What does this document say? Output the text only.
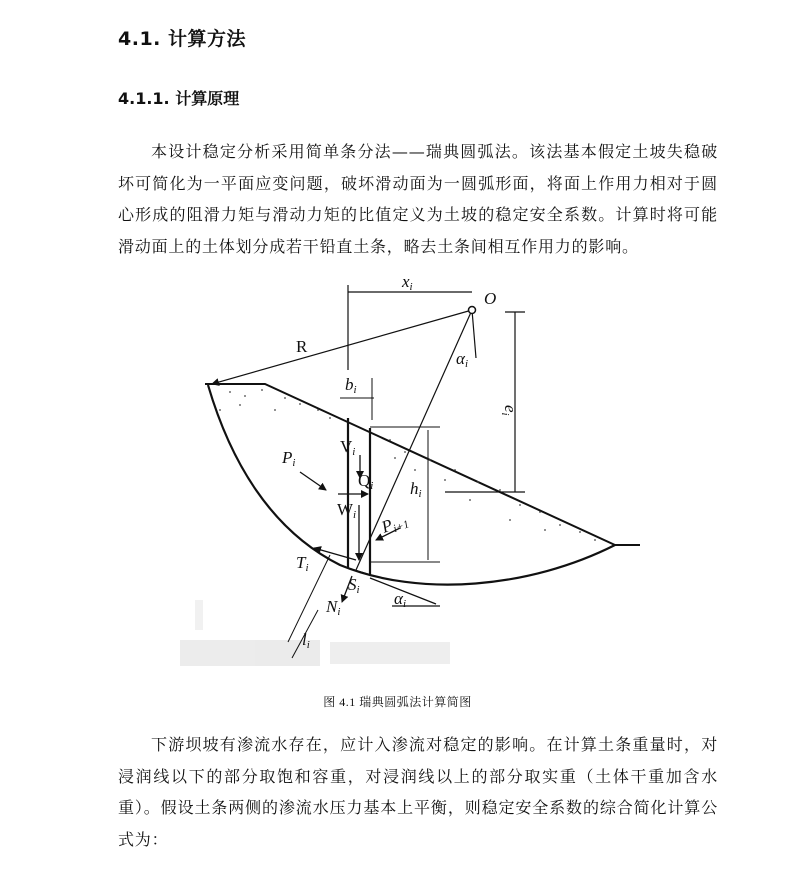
4.1. 计算方法
4.1.1. 计算原理

本设计稳定分析采用简单条分法——瑞典圆弧法。该法基本假定土坡失稳破坏可简化为一平面应变问题，破坏滑动面为一圆弧形面，将面上作用力相对于圆心形成的阻滑力矩与滑动力矩的比值定义为土坡的稳定安全系数。计算时将可能滑动面上的土体划分成若干铅直土条，略去土条间相互作用力的影响。

xi
O
R
αi
bi
ei
Vi
Pi
Qi hi
Wi
Pi+1
Ti
Si
Ni
αi
li
图 4.1 瑞典圆弧法计算简图

下游坝坡有渗流水存在，应计入渗流对稳定的影响。在计算土条重量时，对浸润线以下的部分取饱和容重，对浸润线以上的部分取实重（土体干重加含水重）。假设土条两侧的渗流水压力基本上平衡，则稳定安全系数的综合简化计算公式为：
